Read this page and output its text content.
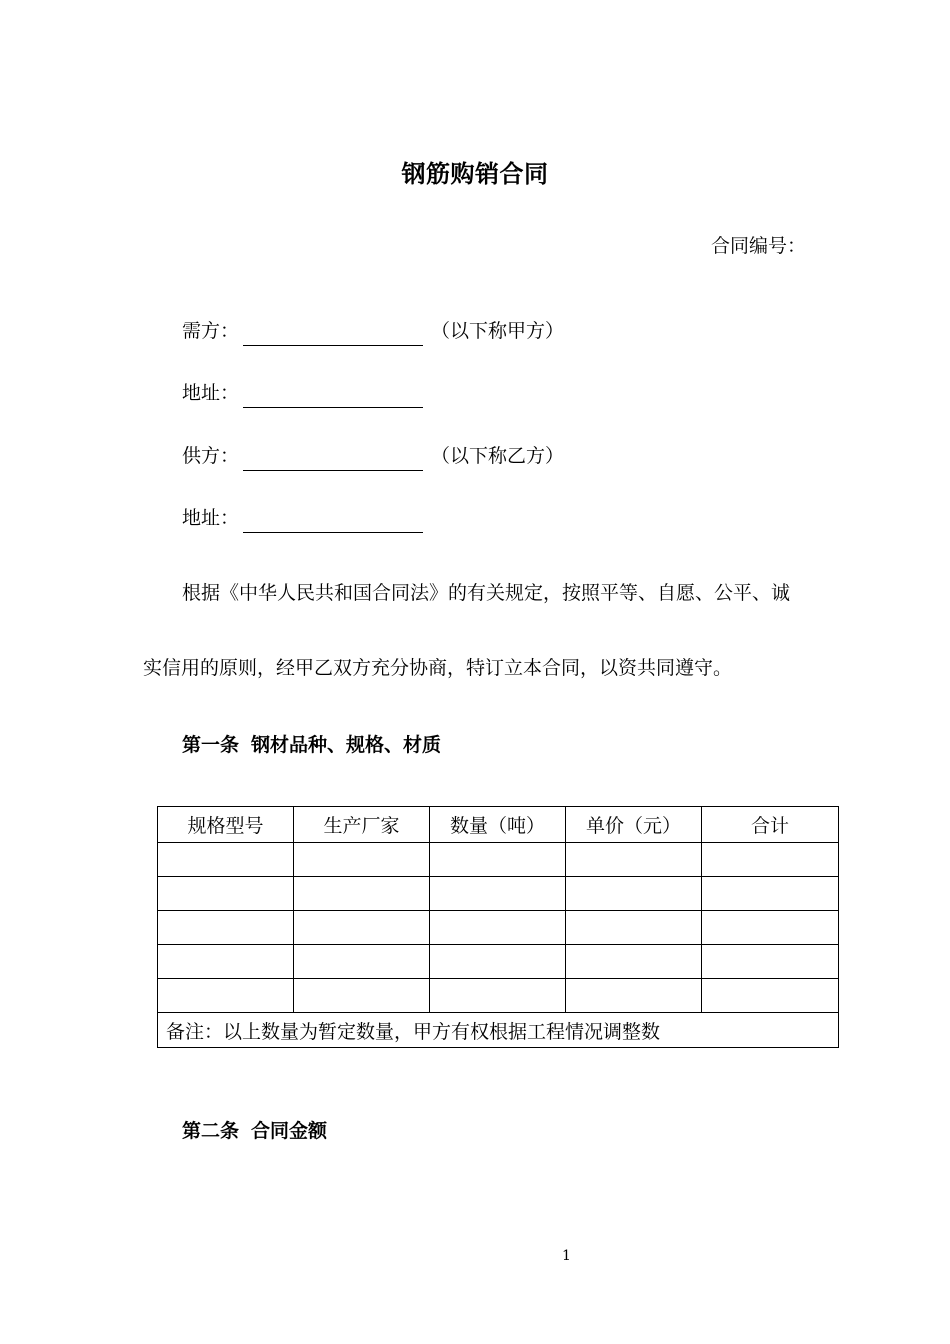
钢筋购销合同
合同编号：
需方：	（以下称甲方）
地址：
供方：	（以下称乙方）
地址：
根据《中华人民共和国合同法》的有关规定，按照平等、自愿、公平、诚
实信用的原则，经甲乙双方充分协商，特订立本合同，以资共同遵守。
第一条 钢材品种、规格、材质
规格型号	生产厂家	数量（吨）	单价（元）	合计

备注：以上数量为暂定数量，甲方有权根据工程情况调整数				
第二条 合同金额
1
